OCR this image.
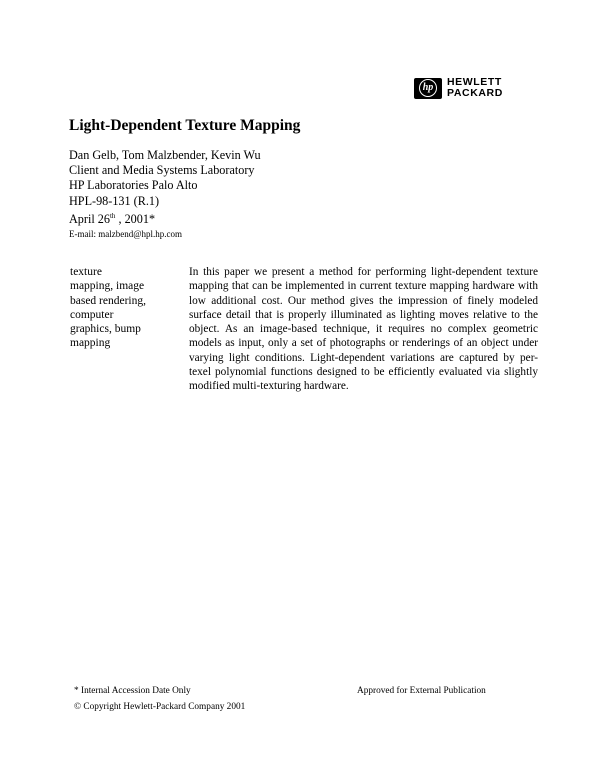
hp	HEWLETT
PACKARD
Light-Dependent Texture Mapping
Dan Gelb, Tom Malzbender, Kevin Wu
Client and Media Systems Laboratory
HP Laboratories Palo Alto
HPL-98-131 (R.1)
April 26th , 2001*
E-mail: malzbend@hpl.hp.com
texture
mapping, image
based rendering,
computer
graphics, bump
mapping

In this paper we present a method for performing light-dependent texture mapping that can be implemented in current texture mapping hardware with low additional cost. Our method gives the impression of finely modeled surface detail that is properly illuminated as lighting moves relative to the object. As an image-based technique, it requires no complex geometric models as input, only a set of photographs or renderings of an object under varying light conditions. Light-dependent variations are captured by per-texel polynomial functions designed to be efficiently evaluated via slightly modified multi-texturing hardware.

* Internal Accession Date Only
© Copyright Hewlett-Packard Company 2001
Approved for External Publication
